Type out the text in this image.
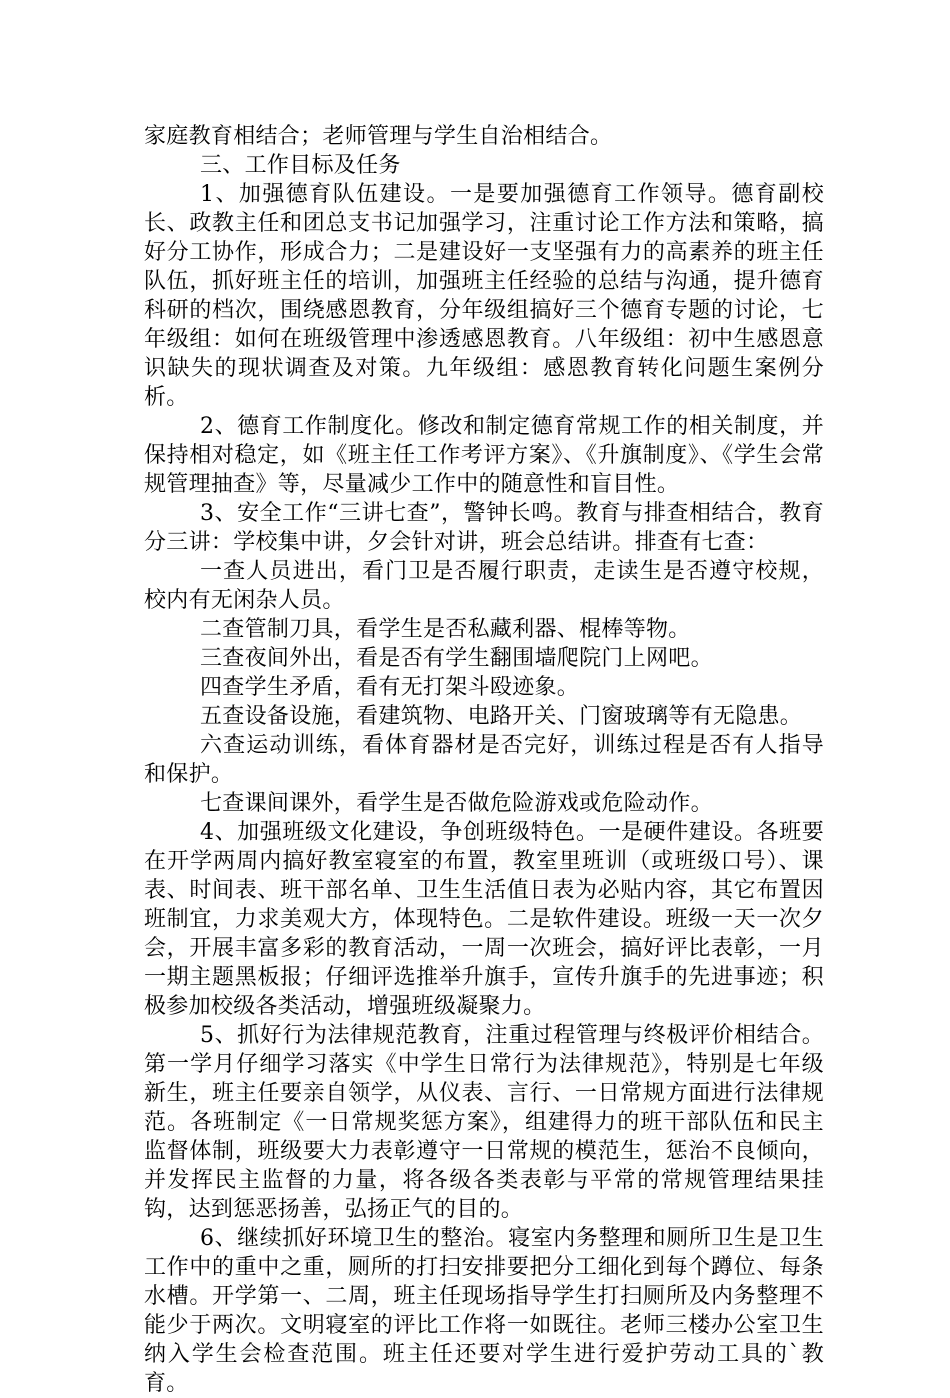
家庭教育相结合；老师管理与学生自治相结合。

三、工作目标及任务

1、加强德育队伍建设。一是要加强德育工作领导。德育副校长、政教主任和团总支书记加强学习，注重讨论工作方法和策略，搞好分工协作，形成合力；二是建设好一支坚强有力的高素养的班主任队伍，抓好班主任的培训，加强班主任经验的总结与沟通，提升德育科研的档次，围绕感恩教育，分年级组搞好三个德育专题的讨论，七年级组：如何在班级管理中渗透感恩教育。八年级组：初中生感恩意识缺失的现状调查及对策。九年级组：感恩教育转化问题生案例分析。

2、德育工作制度化。修改和制定德育常规工作的相关制度，并保持相对稳定，如《班主任工作考评方案》、《升旗制度》、《学生会常规管理抽查》等，尽量减少工作中的随意性和盲目性。

3、安全工作“三讲七查”，警钟长鸣。教育与排查相结合，教育分三讲：学校集中讲，夕会针对讲，班会总结讲。排查有七查：

一查人员进出，看门卫是否履行职责，走读生是否遵守校规，校内有无闲杂人员。

二查管制刀具，看学生是否私藏利器、棍棒等物。

三查夜间外出，看是否有学生翻围墙爬院门上网吧。

四查学生矛盾，看有无打架斗殴迹象。

五查设备设施，看建筑物、电路开关、门窗玻璃等有无隐患。

六查运动训练，看体育器材是否完好，训练过程是否有人指导和保护。

七查课间课外，看学生是否做危险游戏或危险动作。

4、加强班级文化建设，争创班级特色。一是硬件建设。各班要在开学两周内搞好教室寝室的布置，教室里班训（或班级口号）、课表、时间表、班干部名单、卫生生活值日表为必贴内容，其它布置因班制宜，力求美观大方，体现特色。二是软件建设。班级一天一次夕会，开展丰富多彩的教育活动，一周一次班会，搞好评比表彰，一月一期主题黑板报；仔细评选推举升旗手，宣传升旗手的先进事迹；积极参加校级各类活动，增强班级凝聚力。

5、抓好行为法律规范教育，注重过程管理与终极评价相结合。第一学月仔细学习落实《中学生日常行为法律规范》，特别是七年级新生，班主任要亲自领学，从仪表、言行、一日常规方面进行法律规范。各班制定《一日常规奖惩方案》，组建得力的班干部队伍和民主监督体制，班级要大力表彰遵守一日常规的模范生，惩治不良倾向，并发挥民主监督的力量，将各级各类表彰与平常的常规管理结果挂钩，达到惩恶扬善，弘扬正气的目的。

6、继续抓好环境卫生的整治。寝室内务整理和厕所卫生是卫生工作中的重中之重，厕所的打扫安排要把分工细化到每个蹲位、每条水槽。开学第一、二周，班主任现场指导学生打扫厕所及内务整理不能少于两次。文明寝室的评比工作将一如既往。老师三楼办公室卫生纳入学生会检查范围。班主任还要对学生进行爱护劳动工具的`教育。
